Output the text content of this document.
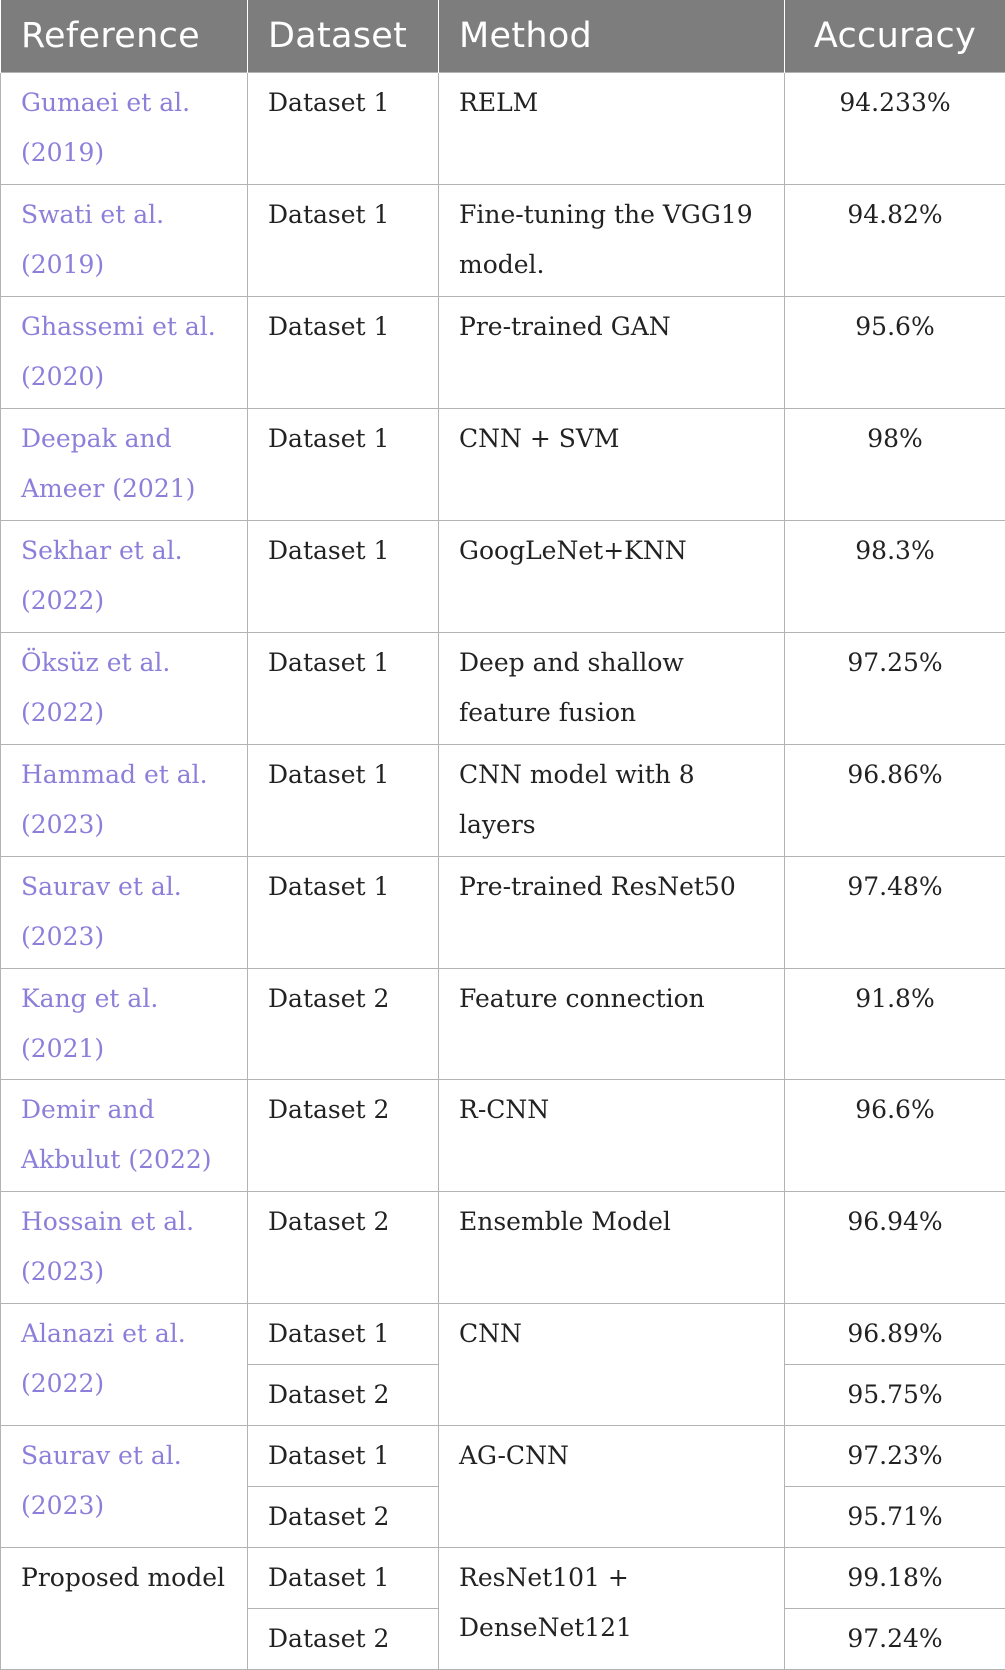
Reference	Dataset	Method	Accuracy
Gumaei et al. (2019)	Dataset 1	RELM	94.233%
Swati et al. (2019)	Dataset 1	Fine-tuning the VGG19 model.	94.82%
Ghassemi et al. (2020)	Dataset 1	Pre-trained GAN	95.6%
Deepak and Ameer (2021)	Dataset 1	CNN + SVM	98%
Sekhar et al. (2022)	Dataset 1	GoogLeNet+KNN	98.3%
Öksüz et al. (2022)	Dataset 1	Deep and shallow feature fusion	97.25%
Hammad et al. (2023)	Dataset 1	CNN model with 8 layers	96.86%
Saurav et al. (2023)	Dataset 1	Pre-trained ResNet50	97.48%
Kang et al. (2021)	Dataset 2	Feature connection	91.8%
Demir and Akbulut (2022)	Dataset 2	R-CNN	96.6%
Hossain et al. (2023)	Dataset 2	Ensemble Model	96.94%
Alanazi et al. (2022)	Dataset 1	CNN	96.89%
	Dataset 2		95.75%
Saurav et al. (2023)	Dataset 1	AG-CNN	97.23%
	Dataset 2		95.71%
Proposed model	Dataset 1	ResNet101 + DenseNet121	99.18%
	Dataset 2		97.24%
